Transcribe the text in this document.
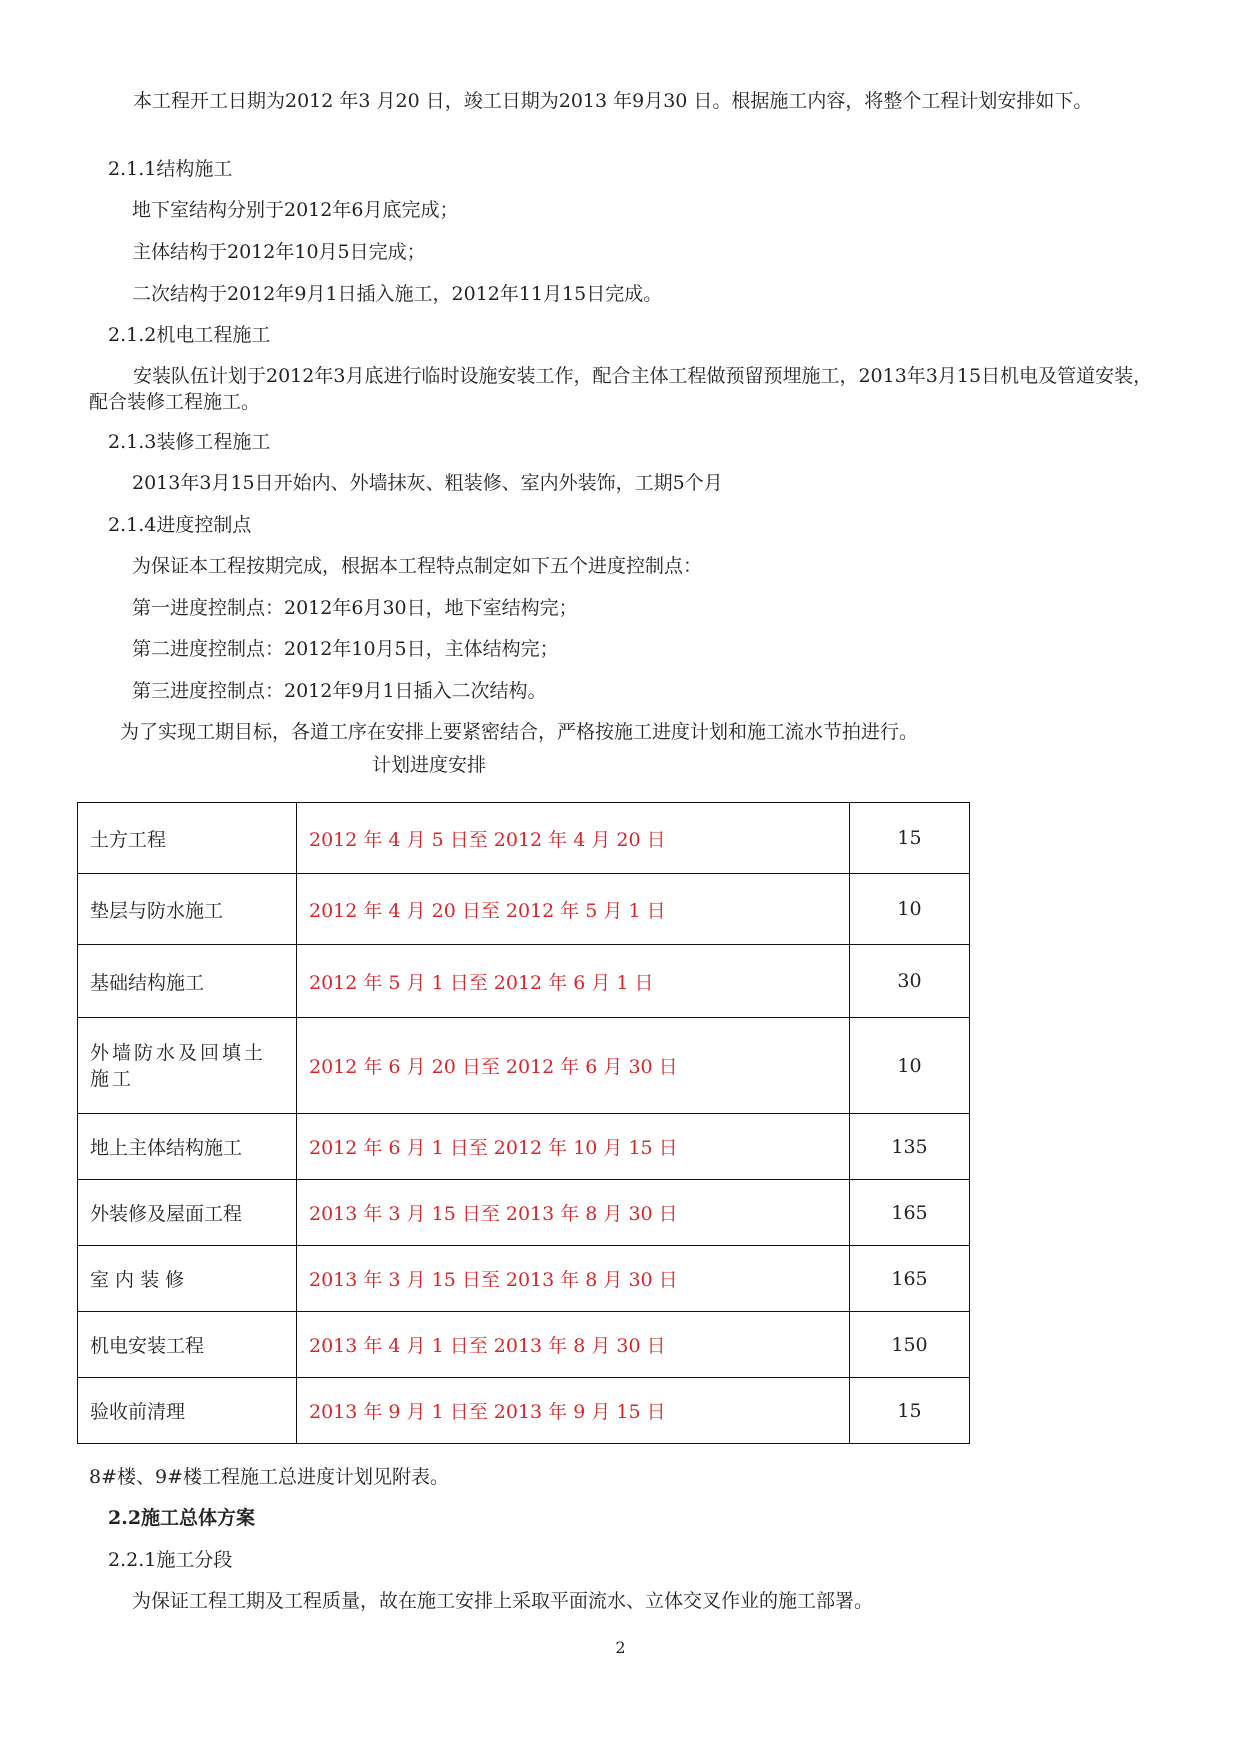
本工程开工日期为2012 年3 月20 日，竣工日期为2013 年9月30 日。根据施工内容，将整个工程计划安排如下。
2.1.1结构施工
地下室结构分别于2012年6月底完成；
主体结构于2012年10月5日完成；
二次结构于2012年9月1日插入施工，2012年11月15日完成。
2.1.2机电工程施工
安装队伍计划于2012年3月底进行临时设施安装工作，配合主体工程做预留预埋施工，2013年3月15日机电及管道安装，配合装修工程施工。
2.1.3装修工程施工
2013年3月15日开始内、外墙抹灰、粗装修、室内外装饰，工期5个月
2.1.4进度控制点
为保证本工程按期完成，根据本工程特点制定如下五个进度控制点：
第一进度控制点：2012年6月30日，地下室结构完；
第二进度控制点：2012年10月5日，主体结构完；
第三进度控制点：2012年9月1日插入二次结构。
为了实现工期目标，各道工序在安排上要紧密结合，严格按施工进度计划和施工流水节拍进行。
计划进度安排
土方工程	2012 年 4 月 5 日至 2012 年 4 月 20 日	15
垫层与防水施工	2012 年 4 月 20 日至 2012 年 5 月 1 日	10
基础结构施工	2012 年 5 月 1 日至 2012 年 6 月 1 日	30
外墙防水及回填土施工	2012 年 6 月 20 日至 2012 年 6 月 30 日	10
地上主体结构施工	2012 年 6 月 1 日至 2012 年 10 月 15 日	135
外装修及屋面工程	2013 年 3 月 15 日至 2013 年 8 月 30 日	165
室 内 装 修	2013 年 3 月 15 日至 2013 年 8 月 30 日	165
机电安装工程	2013 年 4 月 1 日至 2013 年 8 月 30 日	150
验收前清理	2013 年 9 月 1 日至 2013 年 9 月 15 日	15
8#楼、9#楼工程施工总进度计划见附表。
2.2施工总体方案
2.2.1施工分段
为保证工程工期及工程质量，故在施工安排上采取平面流水、立体交叉作业的施工部署。
2
